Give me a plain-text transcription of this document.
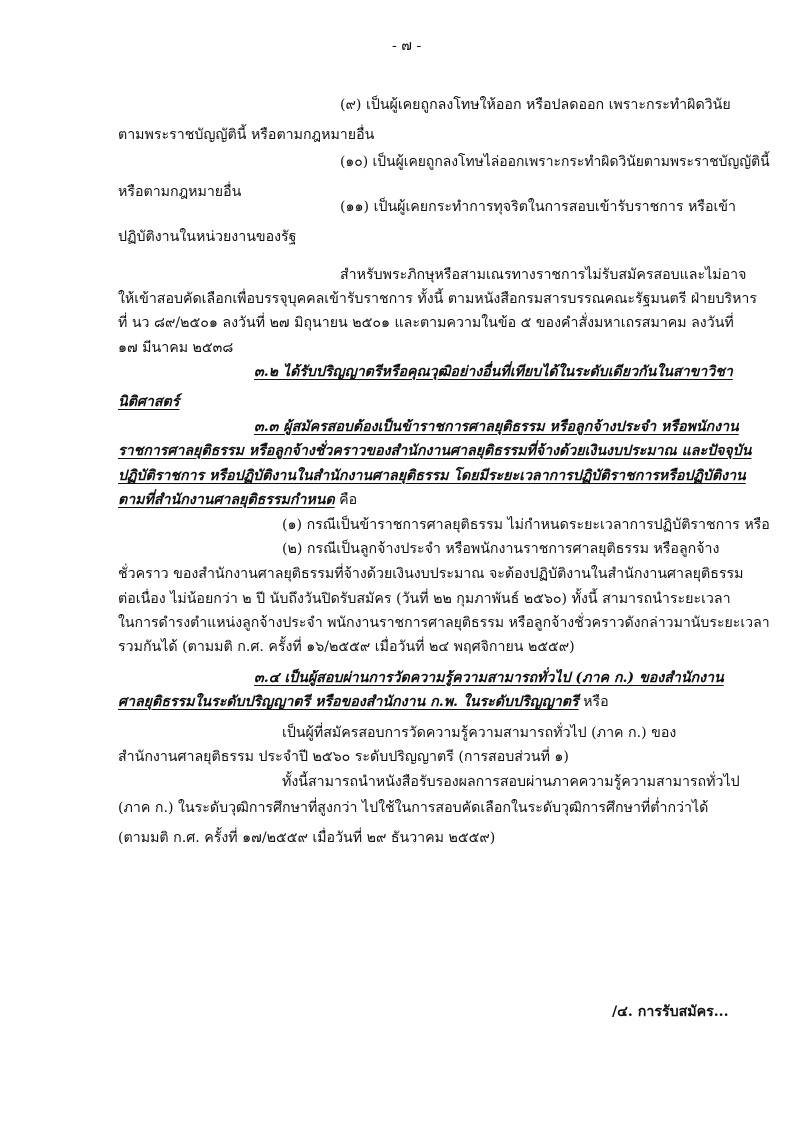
- ๗ -
(๙) เป็นผู้เคยถูกลงโทษให้ออก หรือปลดออก เพราะกระทำผิดวินัย
ตามพระราชบัญญัตินี้ หรือตามกฎหมายอื่น
(๑๐) เป็นผู้เคยถูกลงโทษไล่ออกเพราะกระทำผิดวินัยตามพระราชบัญญัตินี้
หรือตามกฎหมายอื่น
(๑๑) เป็นผู้เคยกระทำการทุจริตในการสอบเข้ารับราชการ หรือเข้า
ปฏิบัติงานในหน่วยงานของรัฐ
สำหรับพระภิกษุหรือสามเณรทางราชการไม่รับสมัครสอบและไม่อาจ
ให้เข้าสอบคัดเลือกเพื่อบรรจุบุคคลเข้ารับราชการ ทั้งนี้ ตามหนังสือกรมสารบรรณคณะรัฐมนตรี ฝ่ายบริหาร
ที่ นว ๘๙/๒๕๐๑ ลงวันที่ ๒๗ มิถุนายน ๒๕๐๑ และตามความในข้อ ๕ ของคำสั่งมหาเถรสมาคม ลงวันที่
๑๗ มีนาคม ๒๕๓๘
๓.๒ ได้รับปริญญาตรีหรือคุณวุฒิอย่างอื่นที่เทียบได้ในระดับเดียวกันในสาขาวิชา
นิติศาสตร์
๓.๓ ผู้สมัครสอบต้องเป็นข้าราชการศาลยุติธรรม หรือลูกจ้างประจำ หรือพนักงาน
ราชการศาลยุติธรรม หรือลูกจ้างชั่วคราวของสำนักงานศาลยุติธรรมที่จ้างด้วยเงินงบประมาณ และปัจจุบัน
ปฏิบัติราชการ หรือปฏิบัติงานในสำนักงานศาลยุติธรรม โดยมีระยะเวลาการปฏิบัติราชการหรือปฏิบัติงาน
ตามที่สำนักงานศาลยุติธรรมกำหนด คือ
(๑) กรณีเป็นข้าราชการศาลยุติธรรม ไม่กำหนดระยะเวลาการปฏิบัติราชการ หรือ
(๒) กรณีเป็นลูกจ้างประจำ หรือพนักงานราชการศาลยุติธรรม หรือลูกจ้าง
ชั่วคราว ของสำนักงานศาลยุติธรรมที่จ้างด้วยเงินงบประมาณ จะต้องปฏิบัติงานในสำนักงานศาลยุติธรรม
ต่อเนื่อง ไม่น้อยกว่า ๒ ปี นับถึงวันปิดรับสมัคร (วันที่ ๒๒ กุมภาพันธ์ ๒๕๖๐) ทั้งนี้ สามารถนำระยะเวลา
ในการดำรงตำแหน่งลูกจ้างประจำ พนักงานราชการศาลยุติธรรม หรือลูกจ้างชั่วคราวดังกล่าวมานับระยะเวลา
รวมกันได้ (ตามมติ ก.ศ. ครั้งที่ ๑๖/๒๕๕๙ เมื่อวันที่ ๒๔ พฤศจิกายน ๒๕๕๙)
๓.๔ เป็นผู้สอบผ่านการวัดความรู้ความสามารถทั่วไป (ภาค ก.) ของสำนักงาน
ศาลยุติธรรมในระดับปริญญาตรี หรือของสำนักงาน ก.พ. ในระดับปริญญาตรี หรือ
เป็นผู้ที่สมัครสอบการวัดความรู้ความสามารถทั่วไป (ภาค ก.) ของ
สำนักงานศาลยุติธรรม ประจำปี ๒๕๖๐ ระดับปริญญาตรี (การสอบส่วนที่ ๑)
ทั้งนี้สามารถนำหนังสือรับรองผลการสอบผ่านภาคความรู้ความสามารถทั่วไป
(ภาค ก.) ในระดับวุฒิการศึกษาที่สูงกว่า ไปใช้ในการสอบคัดเลือกในระดับวุฒิการศึกษาที่ต่ำกว่าได้
(ตามมติ ก.ศ. ครั้งที่ ๑๗/๒๕๕๙ เมื่อวันที่ ๒๙ ธันวาคม ๒๕๕๙)
/๔. การรับสมัคร...
